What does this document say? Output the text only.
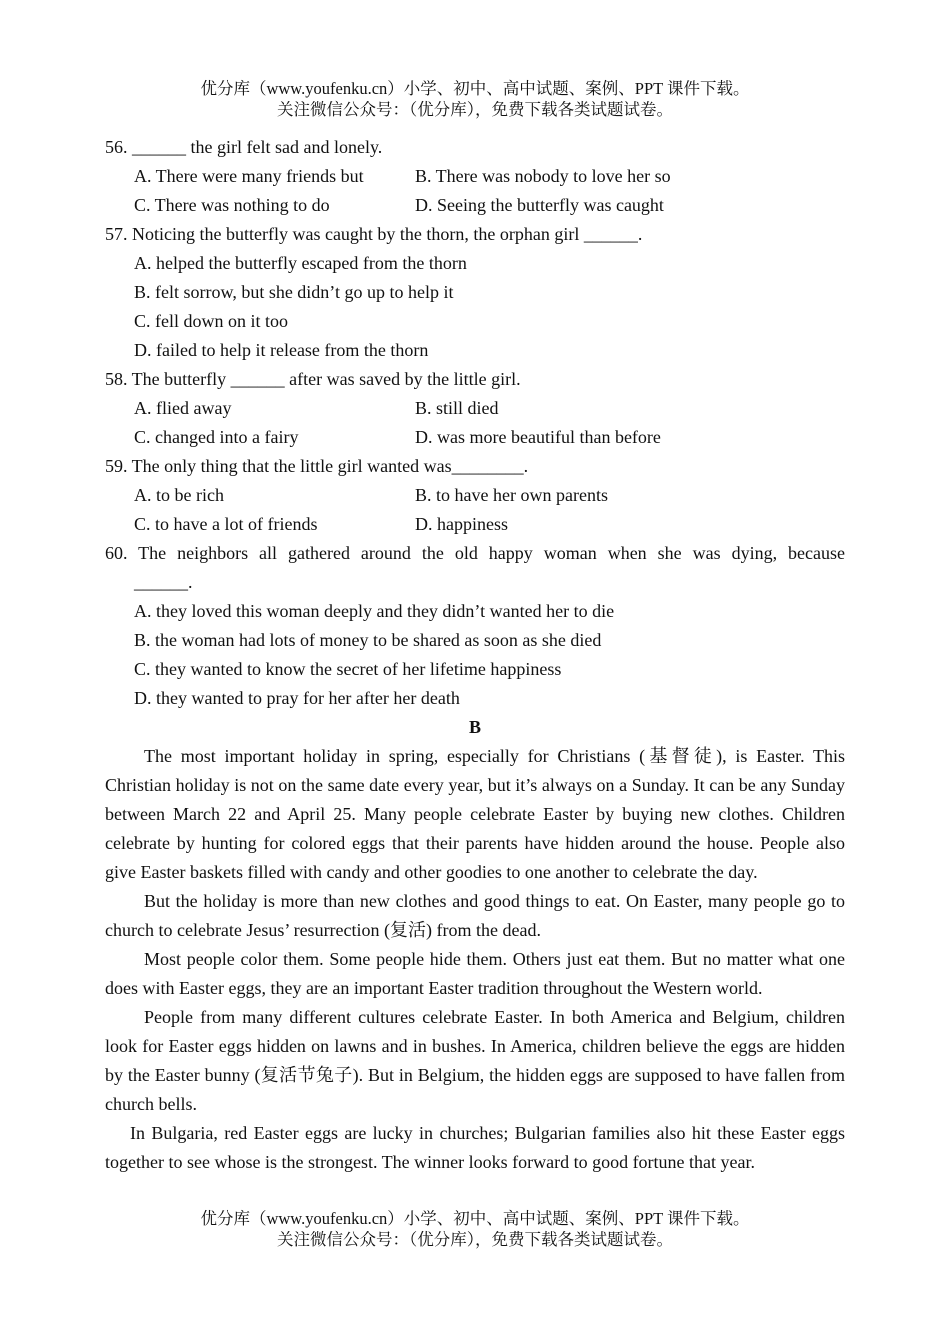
优分库（www.youfenku.cn）小学、初中、高中试题、案例、PPT 课件下载。
关注微信公众号：（优分库），免费下载各类试题试卷。
56. ______ the girl felt sad and lonely.
A. There were many friends but	B. There was nobody to love her so
C. There was nothing to do	D. Seeing the butterfly was caught
57. Noticing the butterfly was caught by the thorn, the orphan girl ______.
A. helped the butterfly escaped from the thorn
B. felt sorrow, but she didn’t go up to help it
C. fell down on it too
D. failed to help it release from the thorn
58. The butterfly ______ after was saved by the little girl.
A. flied away	B. still died
C. changed into a fairy	D. was more beautiful than before
59. The only thing that the little girl wanted was________.
A. to be rich	B. to have her own parents
C. to have a lot of friends	D. happiness
60. The neighbors all gathered around the old happy woman when she was dying, because
______.
A. they loved this woman deeply and they didn’t wanted her to die
B. the woman had lots of money to be shared as soon as she died
C. they wanted to know the secret of her lifetime happiness
D. they wanted to pray for her after her death
B
The most important holiday in spring, especially for Christians (基督徒), is Easter. This Christian holiday is not on the same date every year, but it’s always on a Sunday. It can be any Sunday between March 22 and April 25. Many people celebrate Easter by buying new clothes. Children celebrate by hunting for colored eggs that their parents have hidden around the house. People also give Easter baskets filled with candy and other goodies to one another to celebrate the day.
But the holiday is more than new clothes and good things to eat. On Easter, many people go to church to celebrate Jesus’ resurrection (复活) from the dead.
Most people color them. Some people hide them. Others just eat them. But no matter what one does with Easter eggs, they are an important Easter tradition throughout the Western world.
People from many different cultures celebrate Easter. In both America and Belgium, children look for Easter eggs hidden on lawns and in bushes. In America, children believe the eggs are hidden by the Easter bunny (复活节兔子). But in Belgium, the hidden eggs are supposed to have fallen from church bells.
In Bulgaria, red Easter eggs are lucky in churches; Bulgarian families also hit these Easter eggs together to see whose is the strongest. The winner looks forward to good fortune that year.
优分库（www.youfenku.cn）小学、初中、高中试题、案例、PPT 课件下载。
关注微信公众号：（优分库），免费下载各类试题试卷。
